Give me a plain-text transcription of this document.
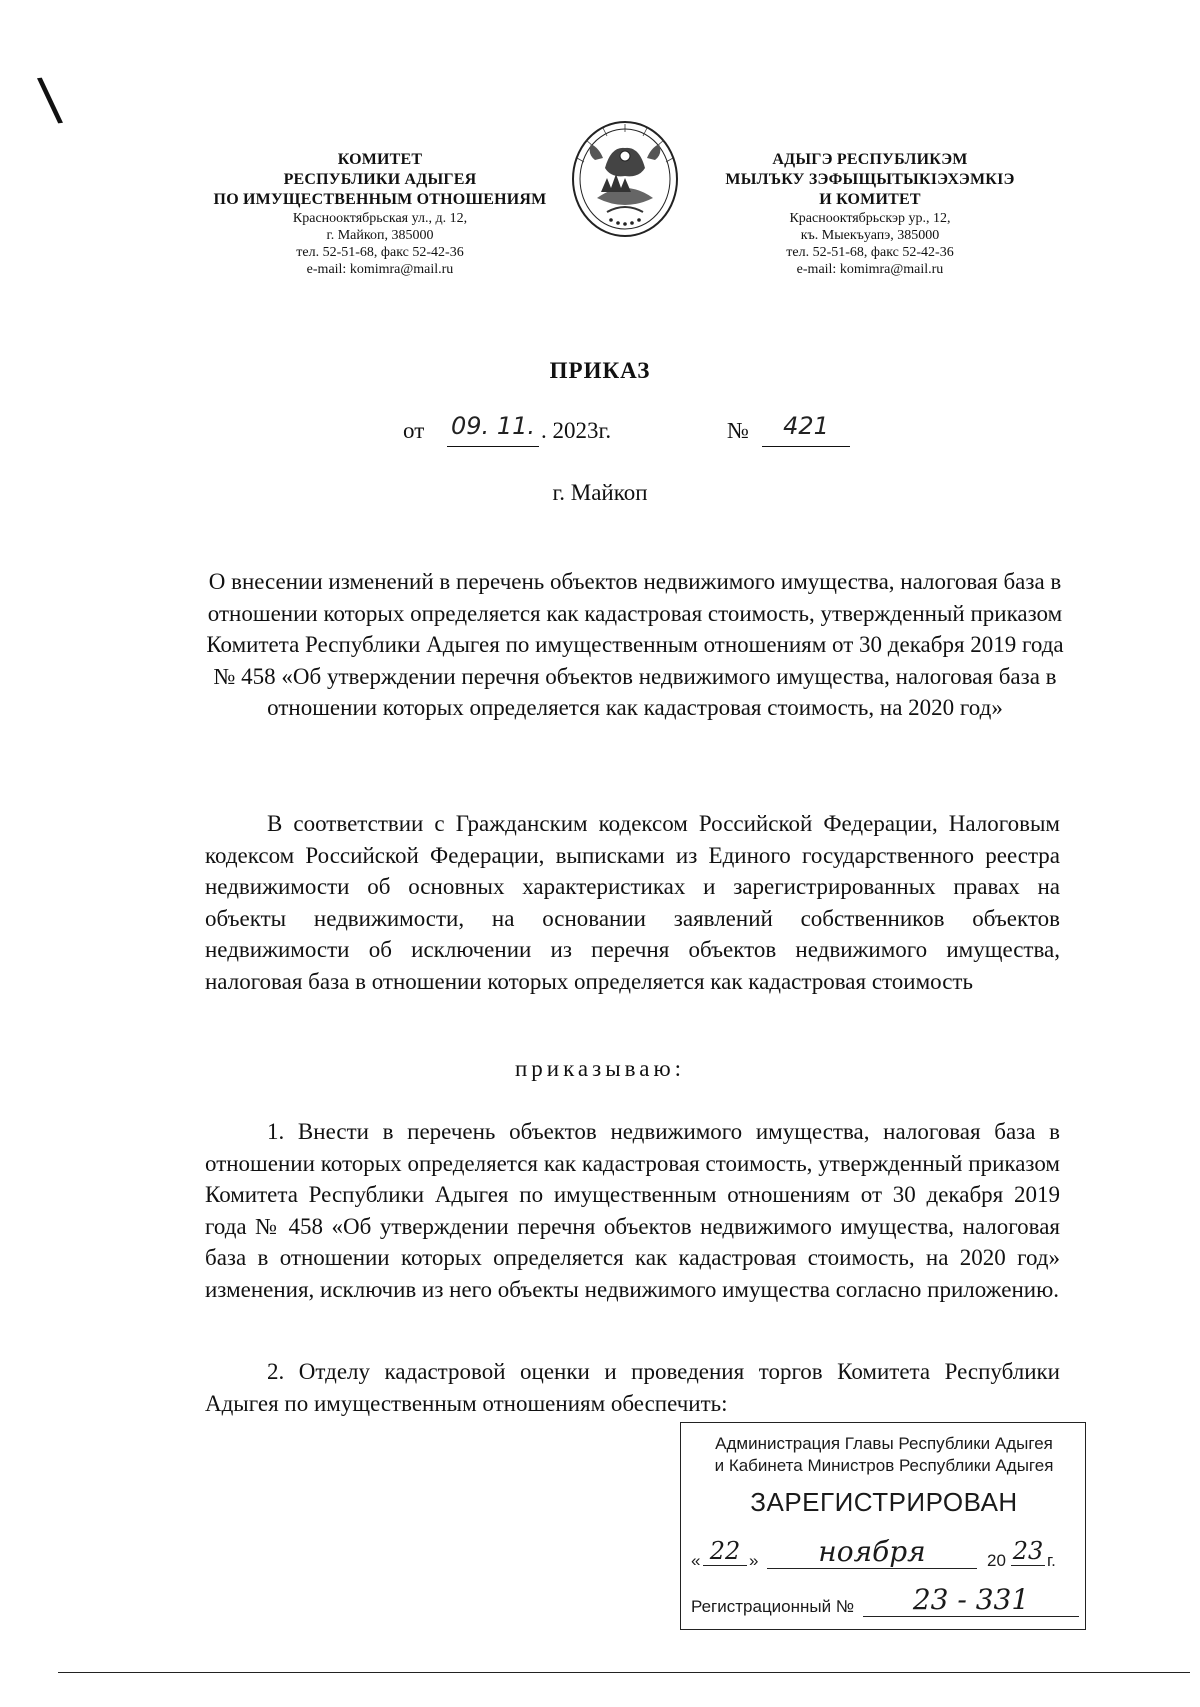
\
КОМИТЕТ
РЕСПУБЛИКИ АДЫГЕЯ
ПО ИМУЩЕСТВЕННЫМ ОТНОШЕНИЯМ
Краснооктябрьская ул., д. 12,
г. Майкоп, 385000
тел. 52-51-68, факс 52-42-36
e-mail: komimra@mail.ru
АДЫГЭ РЕСПУБЛИКЭМ
МЫЛЪКУ ЗЭФЫЩЫТЫКIЭХЭМКIЭ
И КОМИТЕТ
Краснооктябрьскэр ур., 12,
къ. Мыекъуапэ, 385000
тел. 52-51-68, факс 52-42-36
e-mail: komimra@mail.ru
ПРИКАЗ
от 09. 11. . 2023г.	№	421
г. Майкоп
О внесении изменений в перечень объектов недвижимого имущества, налоговая база в отношении которых определяется как кадастровая стоимость, утвержденный приказом Комитета Республики Адыгея по имущественным отношениям от 30 декабря 2019 года № 458 «Об утверждении перечня объектов недвижимого имущества, налоговая база в отношении которых определяется как кадастровая стоимость, на 2020 год»
В соответствии с Гражданским кодексом Российской Федерации, Налоговым кодексом Российской Федерации, выписками из Единого государственного реестра недвижимости об основных характеристиках и зарегистрированных правах на объекты недвижимости, на основании заявлений собственников объектов недвижимости об исключении из перечня объектов недвижимого имущества, налоговая база в отношении которых определяется как кадастровая стоимость
приказываю:
1. Внести в перечень объектов недвижимого имущества, налоговая база в отношении которых определяется как кадастровая стоимость, утвержденный приказом Комитета Республики Адыгея по имущественным отношениям от 30 декабря 2019 года № 458 «Об утверждении перечня объектов недвижимого имущества, налоговая база в отношении которых определяется как кадастровая стоимость, на 2020 год» изменения, исключив из него объекты недвижимого имущества согласно приложению.
2. Отделу кадастровой оценки и проведения торгов Комитета Республики Адыгея по имущественным отношениям обеспечить:
Администрация Главы Республики Адыгея
и Кабинета Министров Республики Адыгея
ЗАРЕГИСТРИРОВАН
« 22 »	ноября	20 23 г.
Регистрационный №	23 - 331
